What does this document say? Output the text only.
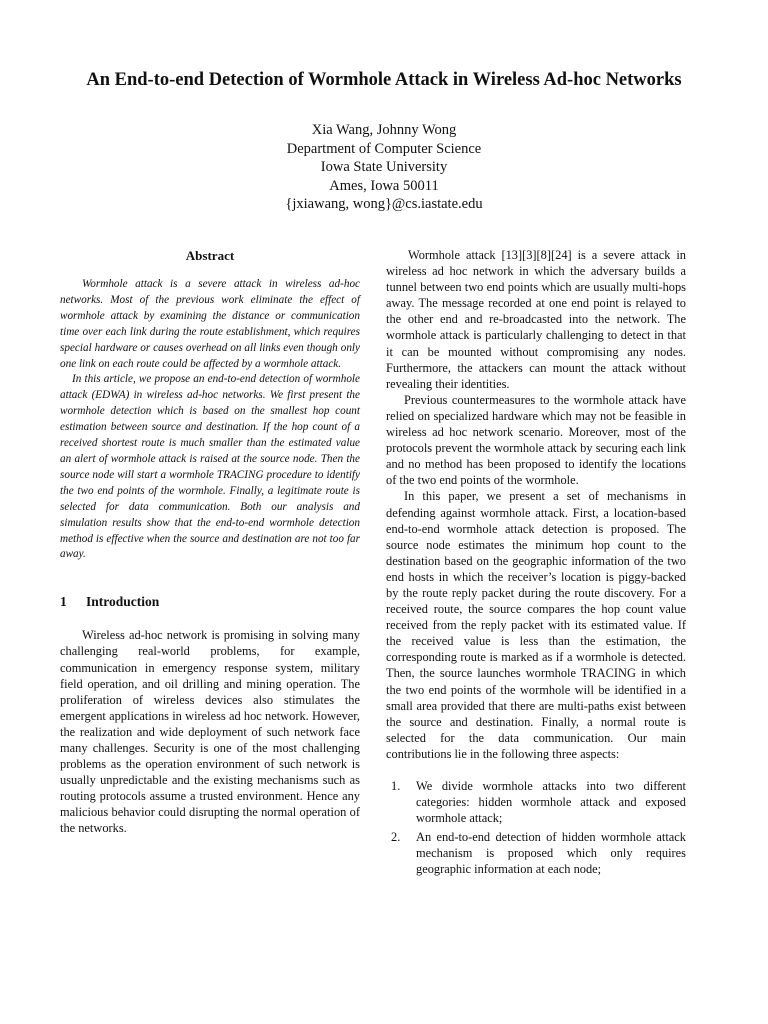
An End-to-end Detection of Wormhole Attack in Wireless Ad-hoc Networks
Xia Wang, Johnny Wong
Department of Computer Science
Iowa State University
Ames, Iowa 50011
{jxiawang, wong}@cs.iastate.edu
Abstract

Wormhole attack is a severe attack in wireless ad-hoc networks. Most of the previous work eliminate the effect of wormhole attack by examining the distance or communication time over each link during the route establishment, which requires special hardware or causes overhead on all links even though only one link on each route could be affected by a wormhole attack.

In this article, we propose an end-to-end detection of wormhole attack (EDWA) in wireless ad-hoc networks. We first present the wormhole detection which is based on the smallest hop count estimation between source and destination. If the hop count of a received shortest route is much smaller than the estimated value an alert of wormhole attack is raised at the source node. Then the source node will start a wormhole TRACING procedure to identify the two end points of the wormhole. Finally, a legitimate route is selected for data communication. Both our analysis and simulation results show that the end-to-end wormhole detection method is effective when the source and destination are not too far away.

1	Introduction

Wireless ad-hoc network is promising in solving many challenging real-world problems, for example, communication in emergency response system, military field operation, and oil drilling and mining operation. The proliferation of wireless devices also stimulates the emergent applications in wireless ad hoc network. However, the realization and wide deployment of such network face many challenges. Security is one of the most challenging problems as the operation environment of such network is usually unpredictable and the existing mechanisms such as routing protocols assume a trusted environment. Hence any malicious behavior could disrupting the normal operation of the networks.

Wormhole attack [13][3][8][24] is a severe attack in wireless ad hoc network in which the adversary builds a tunnel between two end points which are usually multi-hops away. The message recorded at one end point is relayed to the other end and re-broadcasted into the network. The wormhole attack is particularly challenging to detect in that it can be mounted without compromising any nodes. Furthermore, the attackers can mount the attack without revealing their identities.

Previous countermeasures to the wormhole attack have relied on specialized hardware which may not be feasible in wireless ad hoc network scenario. Moreover, most of the protocols prevent the wormhole attack by securing each link and no method has been proposed to identify the locations of the two end points of the wormhole.

In this paper, we present a set of mechanisms in defending against wormhole attack. First, a location-based end-to-end wormhole attack detection is proposed. The source node estimates the minimum hop count to the destination based on the geographic information of the two end hosts in which the receiver’s location is piggy-backed by the route reply packet during the route discovery. For a received route, the source compares the hop count value received from the reply packet with its estimated value. If the received value is less than the estimation, the corresponding route is marked as if a wormhole is detected. Then, the source launches wormhole TRACING in which the two end points of the wormhole will be identified in a small area provided that there are multi-paths exist between the source and destination. Finally, a normal route is selected for the data communication. Our main contributions lie in the following three aspects:

1. We divide wormhole attacks into two different categories: hidden wormhole attack and exposed wormhole attack;
2. An end-to-end detection of hidden wormhole attack mechanism is proposed which only requires geographic information at each node;
